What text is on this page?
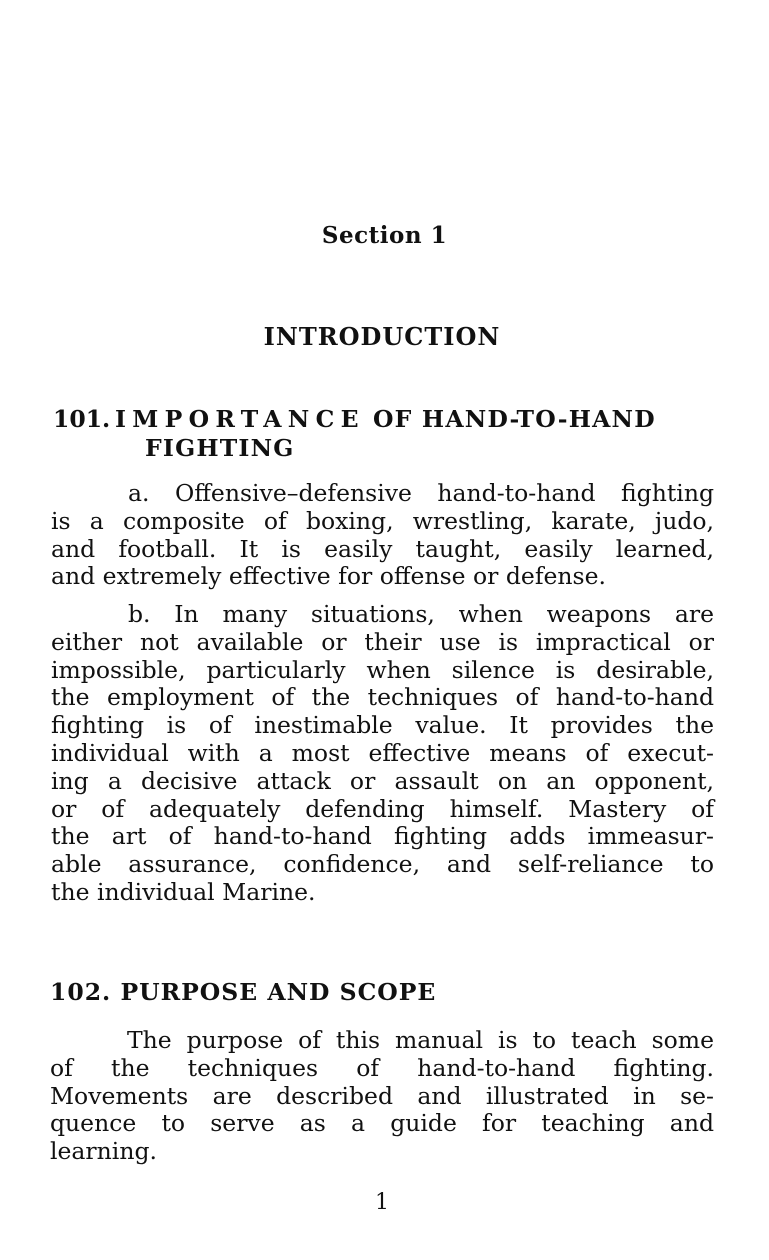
Section 1
INTRODUCTION
101. IMPORTANCE OF HAND-TO-HAND
FIGHTING
a. Offensive–defensive hand-to-hand fighting
is a composite of boxing, wrestling, karate, judo,
and football. It is easily taught, easily learned,
and extremely effective for offense or defense.
b. In many situations, when weapons are
either not available or their use is impractical or
impossible, particularly when silence is desirable,
the employment of the techniques of hand-to-hand
fighting is of inestimable value. It provides the
individual with a most effective means of execut-
ing a decisive attack or assault on an opponent,
or of adequately defending himself. Mastery of
the art of hand-to-hand fighting adds immeasur-
able assurance, confidence, and self-reliance to
the individual Marine.
102. PURPOSE AND SCOPE
The purpose of this manual is to teach some
of the techniques of hand-to-hand fighting.
Movements are described and illustrated in se-
quence to serve as a guide for teaching and
learning.
1
